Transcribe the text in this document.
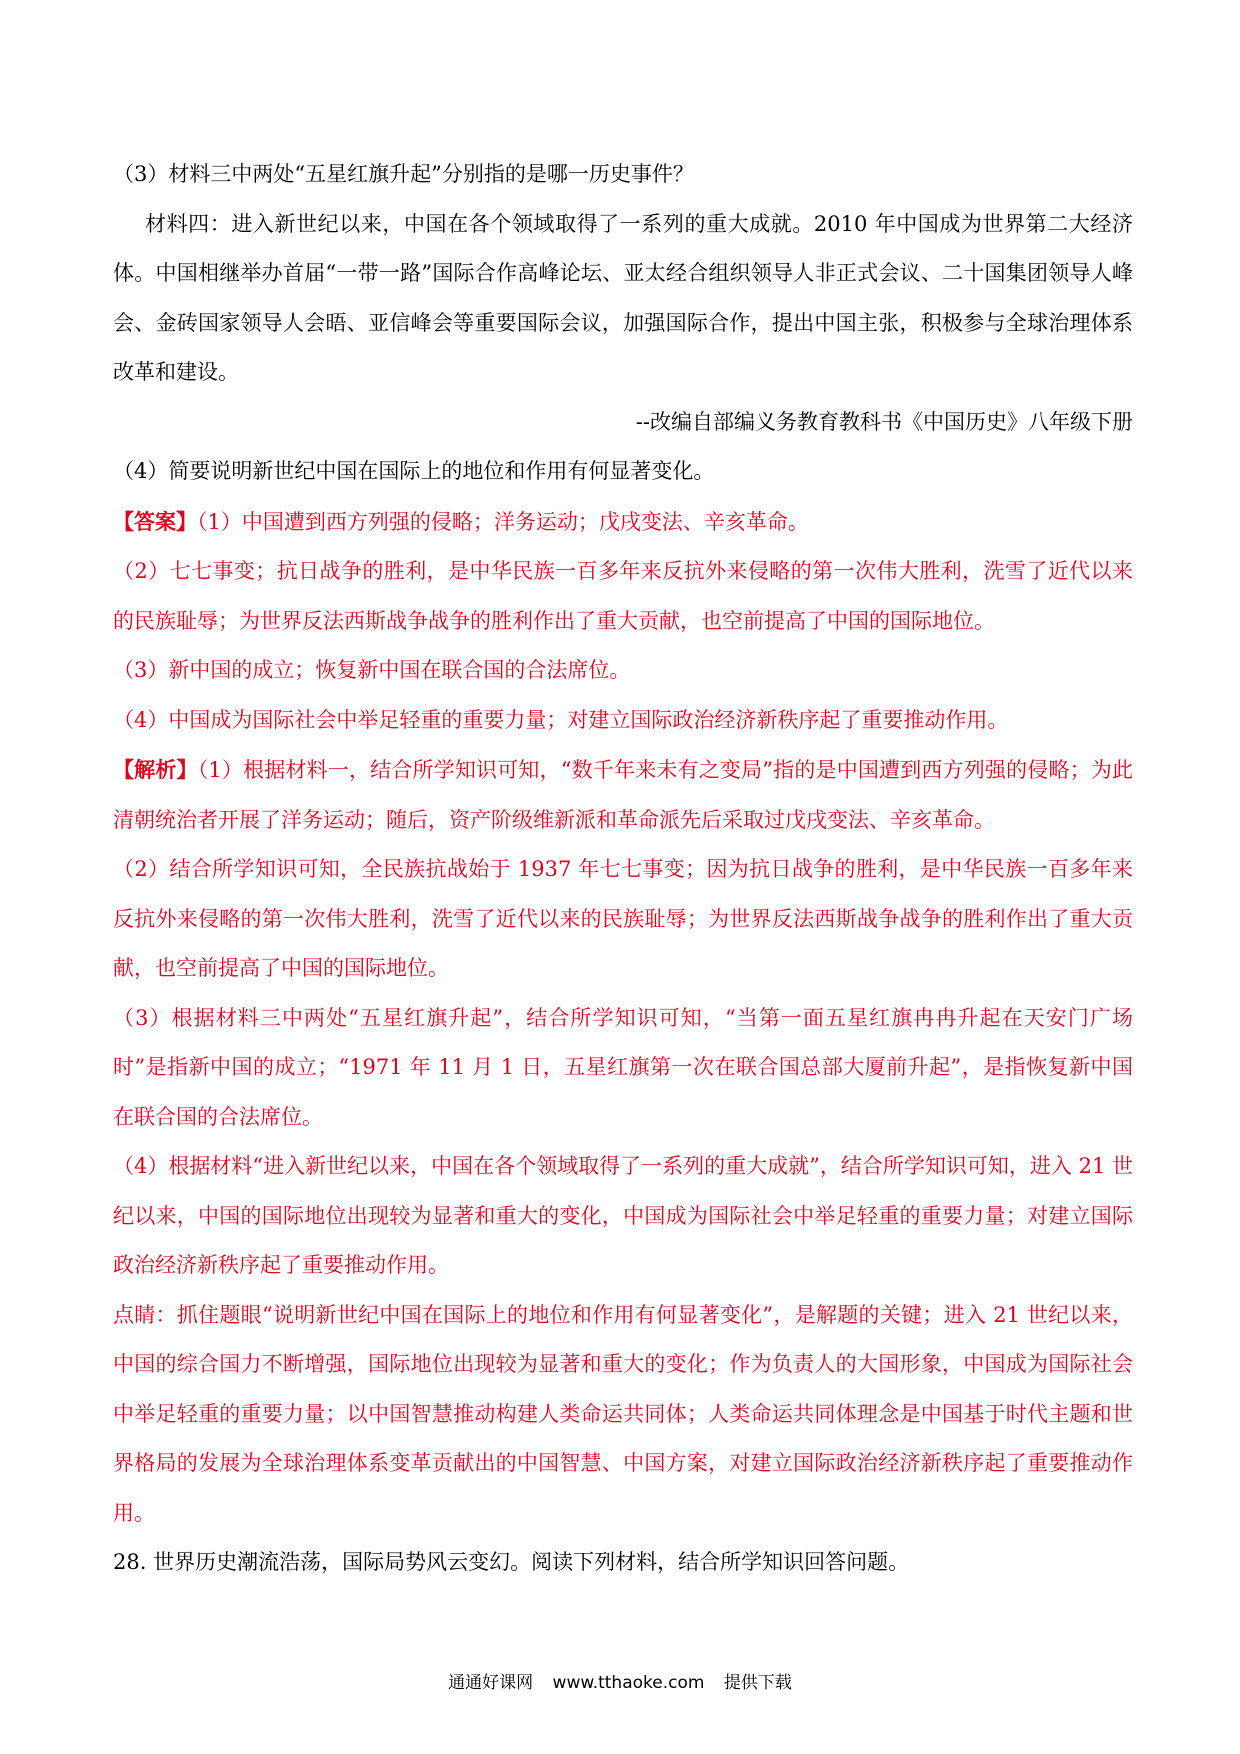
（3）材料三中两处“五星红旗升起”分别指的是哪一历史事件？

材料四：进入新世纪以来，中国在各个领域取得了一系列的重大成就。2010 年中国成为世界第二大经济体。中国相继举办首届“一带一路”国际合作高峰论坛、亚太经合组织领导人非正式会议、二十国集团领导人峰会、金砖国家领导人会晤、亚信峰会等重要国际会议，加强国际合作，提出中国主张，积极参与全球治理体系改革和建设。

--改编自部编义务教育教科书《中国历史》八年级下册

（4）简要说明新世纪中国在国际上的地位和作用有何显著变化。

【答案】（1）中国遭到西方列强的侵略；洋务运动；戊戌变法、辛亥革命。

（2）七七事变；抗日战争的胜利，是中华民族一百多年来反抗外来侵略的第一次伟大胜利，洗雪了近代以来的民族耻辱；为世界反法西斯战争战争的胜利作出了重大贡献，也空前提高了中国的国际地位。

（3）新中国的成立；恢复新中国在联合国的合法席位。

（4）中国成为国际社会中举足轻重的重要力量；对建立国际政治经济新秩序起了重要推动作用。

【解析】（1）根据材料一，结合所学知识可知，“数千年来未有之变局”指的是中国遭到西方列强的侵略；为此清朝统治者开展了洋务运动；随后，资产阶级维新派和革命派先后采取过戊戌变法、辛亥革命。

（2）结合所学知识可知，全民族抗战始于 1937 年七七事变；因为抗日战争的胜利，是中华民族一百多年来反抗外来侵略的第一次伟大胜利，洗雪了近代以来的民族耻辱；为世界反法西斯战争战争的胜利作出了重大贡献，也空前提高了中国的国际地位。

（3）根据材料三中两处“五星红旗升起”，结合所学知识可知，“当第一面五星红旗冉冉升起在天安门广场时”是指新中国的成立；“1971 年 11 月 1 日，五星红旗第一次在联合国总部大厦前升起”，是指恢复新中国在联合国的合法席位。

（4）根据材料“进入新世纪以来，中国在各个领域取得了一系列的重大成就”，结合所学知识可知，进入 21 世纪以来，中国的国际地位出现较为显著和重大的变化，中国成为国际社会中举足轻重的重要力量；对建立国际政治经济新秩序起了重要推动作用。

点睛：抓住题眼“说明新世纪中国在国际上的地位和作用有何显著变化”，是解题的关键；进入 21 世纪以来，中国的综合国力不断增强，国际地位出现较为显著和重大的变化；作为负责人的大国形象，中国成为国际社会中举足轻重的重要力量；以中国智慧推动构建人类命运共同体；人类命运共同体理念是中国基于时代主题和世界格局的发展为全球治理体系变革贡献出的中国智慧、中国方案，对建立国际政治经济新秩序起了重要推动作用。

28. 世界历史潮流浩荡，国际局势风云变幻。阅读下列材料，结合所学知识回答问题。

通通好课网 www.tthaoke.com 提供下载
